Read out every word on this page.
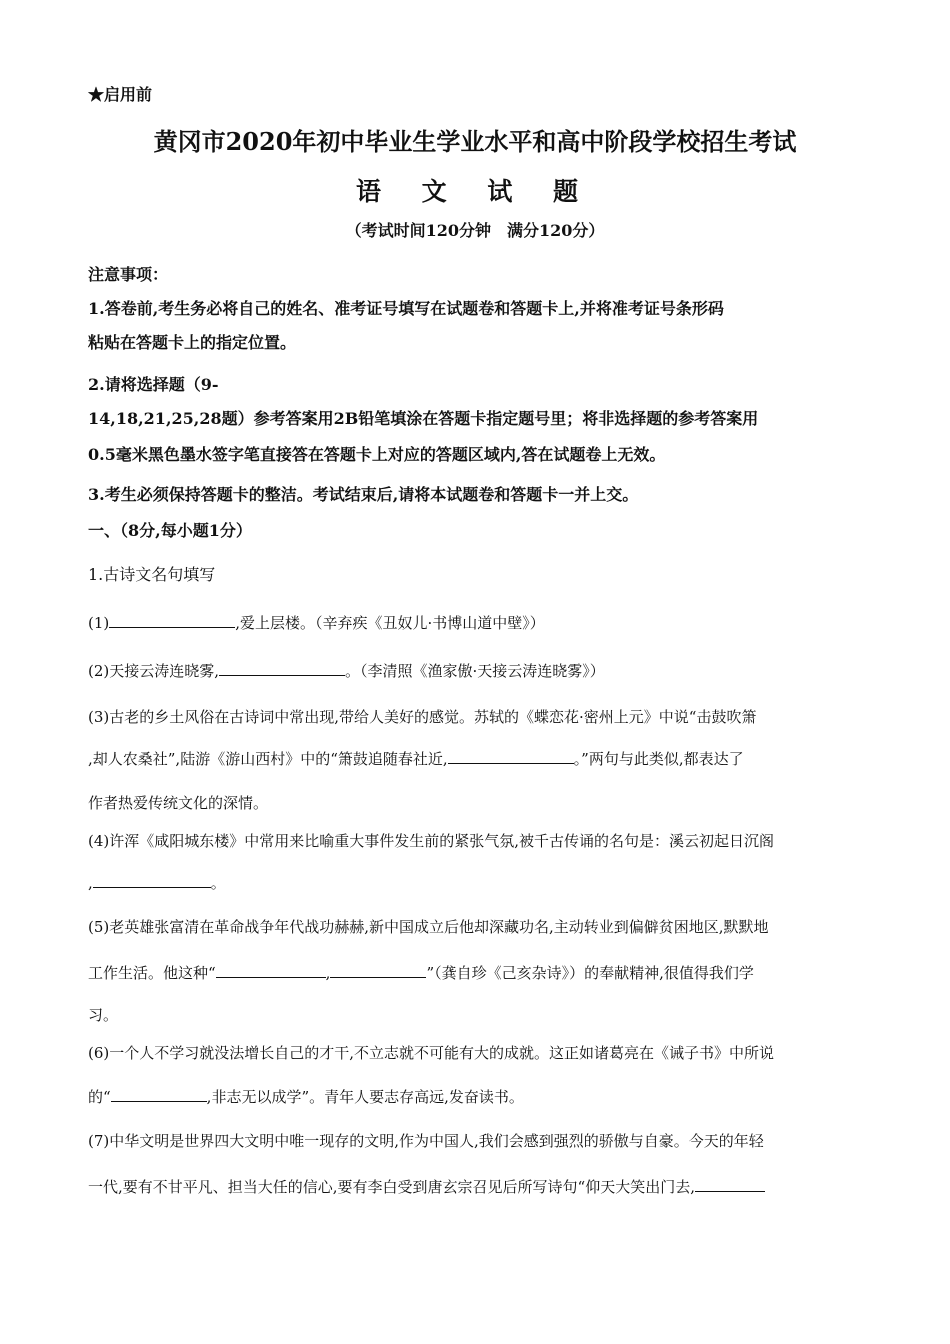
★启用前
黄冈市2020年初中毕业生学业水平和高中阶段学校招生考试
语 文 试 题
（考试时间120分钟　满分120分）
注意事项：
1.答卷前,考生务必将自己的姓名、准考证号填写在试题卷和答题卡上,并将准考证号条形码
粘贴在答题卡上的指定位置。
2.请将选择题（9-
14,18,21,25,28题）参考答案用2B铅笔填涂在答题卡指定题号里；将非选择题的参考答案用
0.5毫米黑色墨水签字笔直接答在答题卡上对应的答题区域内,答在试题卷上无效。
3.考生必须保持答题卡的整洁。考试结束后,请将本试题卷和答题卡一并上交。
一、（8分,每小题1分）
1.古诗文名句填写
(1)	,爱上层楼。（辛弃疾《丑奴儿·书博山道中壁》）
(2)天接云涛连晓雾,	。（李清照《渔家傲·天接云涛连晓雾》）
(3)古老的乡土风俗在古诗词中常出现,带给人美好的感觉。苏轼的《蝶恋花·密州上元》中说“击鼓吹箫
,却人农桑社”,陆游《游山西村》中的“箫鼓追随春社近,	。”两句与此类似,都表达了
作者热爱传统文化的深情。
(4)许浑《咸阳城东楼》中常用来比喻重大事件发生前的紧张气氛,被千古传诵的名句是：溪云初起日沉阁
,	。
(5)老英雄张富清在革命战争年代战功赫赫,新中国成立后他却深藏功名,主动转业到偏僻贫困地区,默默地
工作生活。他这种“	,	”（龚自珍《己亥杂诗》）的奉献精神,很值得我们学
习。
(6)一个人不学习就没法增长自己的才干,不立志就不可能有大的成就。这正如诸葛亮在《诫子书》中所说
的“	,非志无以成学”。青年人要志存高远,发奋读书。
(7)中华文明是世界四大文明中唯一现存的文明,作为中国人,我们会感到强烈的骄傲与自豪。今天的年轻
一代,要有不甘平凡、担当大任的信心,要有李白受到唐玄宗召见后所写诗句“仰天大笑出门去,
